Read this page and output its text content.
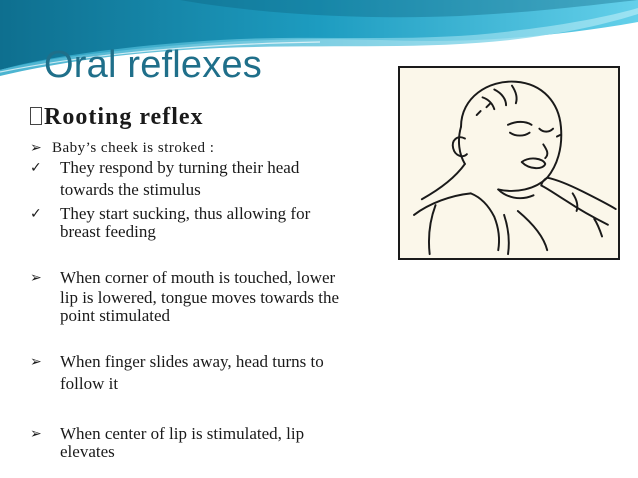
Oral reflexes
Rooting reflex
➢ Baby’s cheek is stroked :
✓	They respond by turning their head
towards the stimulus
✓	They start sucking, thus allowing for
breast feeding
➢	When corner of mouth is touched, lower
lip is lowered, tongue moves towards the
point stimulated
➢	When finger slides away, head turns to
follow it
➢	When center of lip is stimulated, lip
elevates
